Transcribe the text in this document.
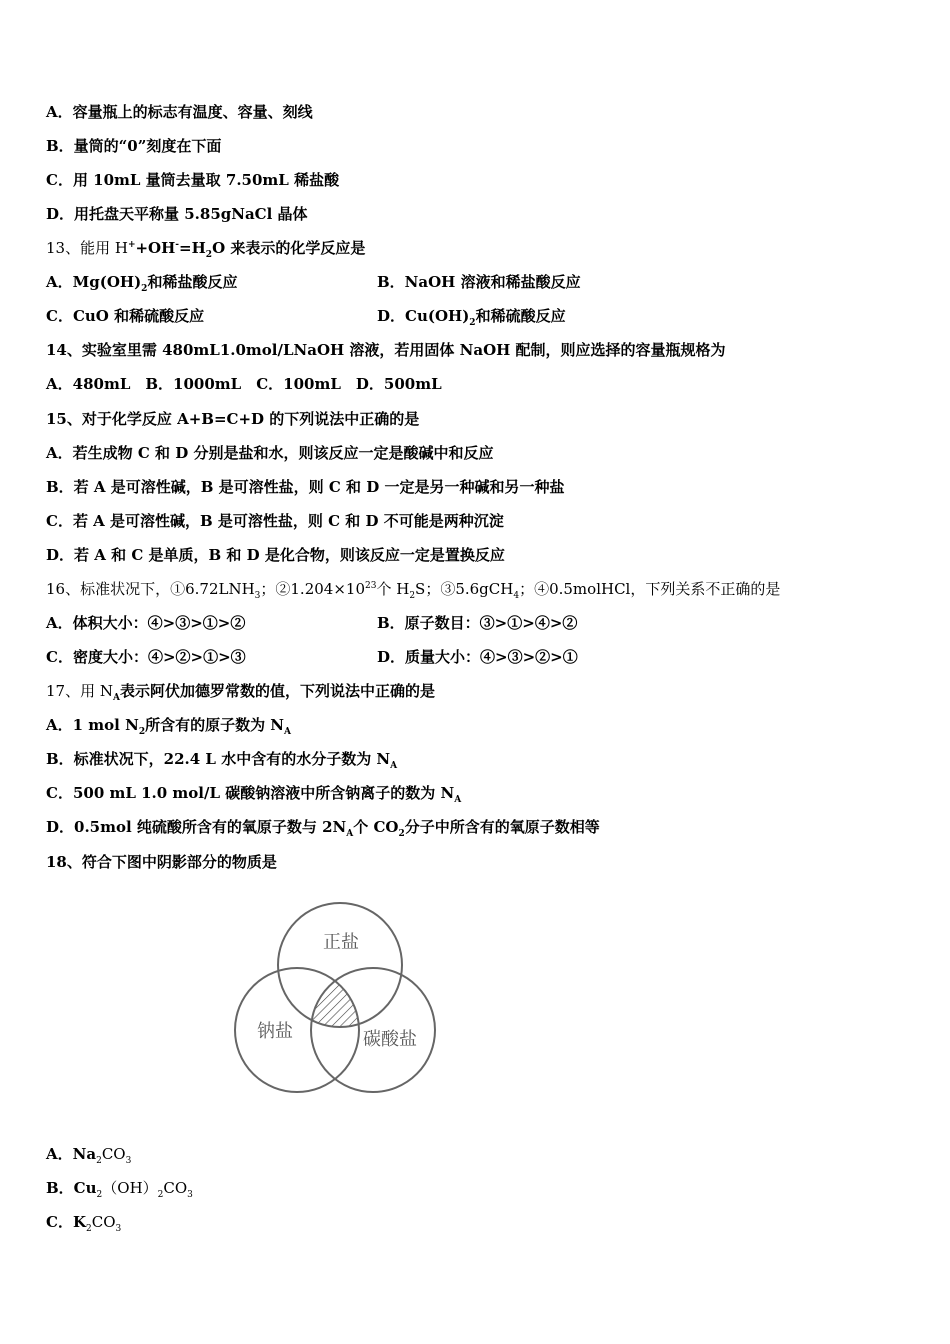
A．容量瓶上的标志有温度、容量、刻线
B．量筒的“0”刻度在下面
C．用 10mL 量筒去量取 7.50mL 稀盐酸
D．用托盘天平称量 5.85gNaCl 晶体
13、能用 $H^++OH^-=H_2O$ 来表示的化学反应是
A．$Mg(OH)_2$和稀盐酸反应	B．NaOH 溶液和稀盐酸反应
C．CuO 和稀硫酸反应	D．$Cu(OH)_2$和稀硫酸反应
14、实验室里需 480mL1.0mol/LNaOH 溶液，若用固体 NaOH 配制，则应选择的容量瓶规格为
A．480mL　B．1000mL　C．100mL　D．500mL
15、对于化学反应 A+B=C+D 的下列说法中正确的是
A．若生成物 C 和 D 分别是盐和水，则该反应一定是酸碱中和反应
B．若 A 是可溶性碱，B 是可溶性盐，则 C 和 D 一定是另一种碱和另一种盐
C．若 A 是可溶性碱，B 是可溶性盐，则 C 和 D 不可能是两种沉淀
D．若 A 和 C 是单质，B 和 D 是化合物，则该反应一定是置换反应
16、标准状况下，$①6.72LNH_3$；$②1.204\times 10^{23}$个 $H_2S$；③5.6gCH$_4$；④0.5molHCl，下列关系不正确的是
A．体积大小：④>③>①>②	B．原子数目：③>①>④>②
C．密度大小：④>②>①>③	D．质量大小：④>③>②>①
17、用 $N_A$表示阿伏加德罗常数的值，下列说法中正确的是
A．1 mol $N_2$所含有的原子数为 $N_A$
B．标准状况下，22.4 L 水中含有的水分子数为 $N_A$
C．500 mL 1.0 mol/L 碳酸钠溶液中所含钠离子的数为 $N_A$
D．0.5mol 纯硫酸所含有的氧原子数与 $2N_A$个 $CO_2$分子中所含有的氧原子数相等
18、符合下图中阴影部分的物质是
正盐
钠盐	碳酸盐
A．$Na_2CO_3$
B．$Cu_2(OH)_2CO_3$
C．$K_2CO_3$
